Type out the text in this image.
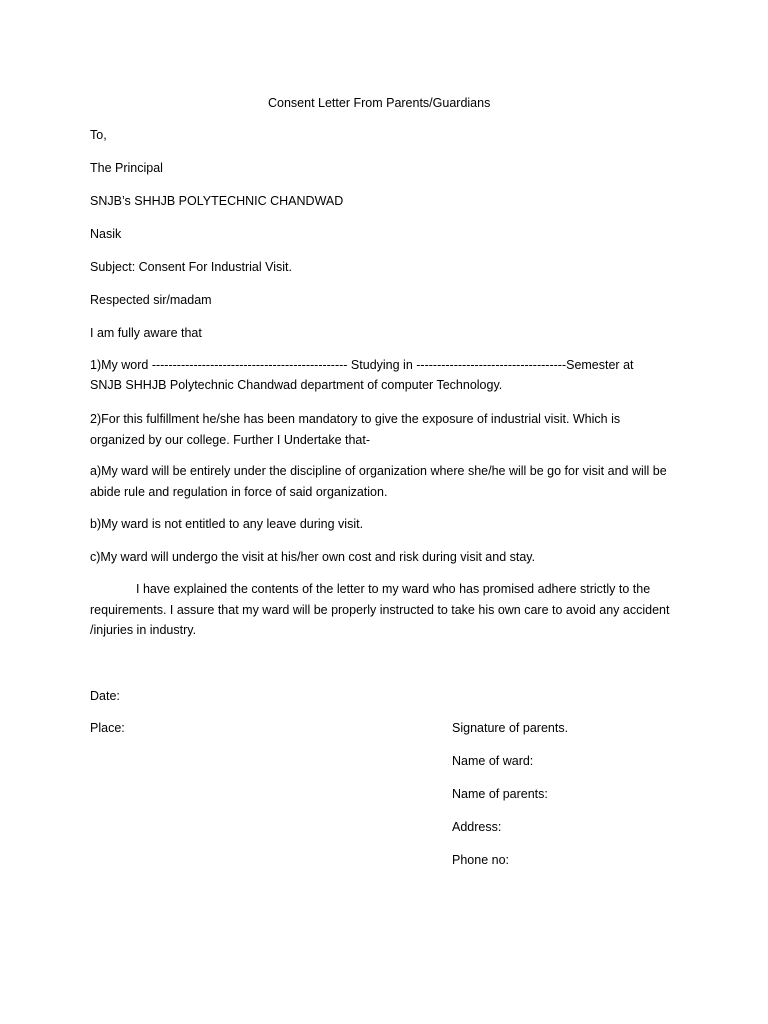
Consent Letter From Parents/Guardians

To,

The Principal

SNJB’s SHHJB POLYTECHNIC CHANDWAD

Nasik

Subject: Consent For Industrial Visit.

Respected sir/madam

I am fully aware that

1)My word ----------------------------------------------- Studying in ------------------------------------Semester at

SNJB SHHJB Polytechnic Chandwad department of computer Technology.

2)For this fulfillment he/she has been mandatory to give the exposure of industrial visit. Which is organized by our college. Further I Undertake that-

a)My ward will be entirely under the discipline of organization where she/he will be go for visit and will be abide rule and regulation in force of said organization.

b)My ward is not entitled to any leave during visit.

c)My ward will undergo the visit at his/her own cost and risk during visit and stay.

I have explained the contents of the letter to my ward who has promised adhere strictly to the requirements. I assure that my ward will be properly instructed to take his own care to avoid any accident /injuries in industry.

Date:

Place:	Signature of parents.

Name of ward:

Name of parents:

Address:

Phone no:
